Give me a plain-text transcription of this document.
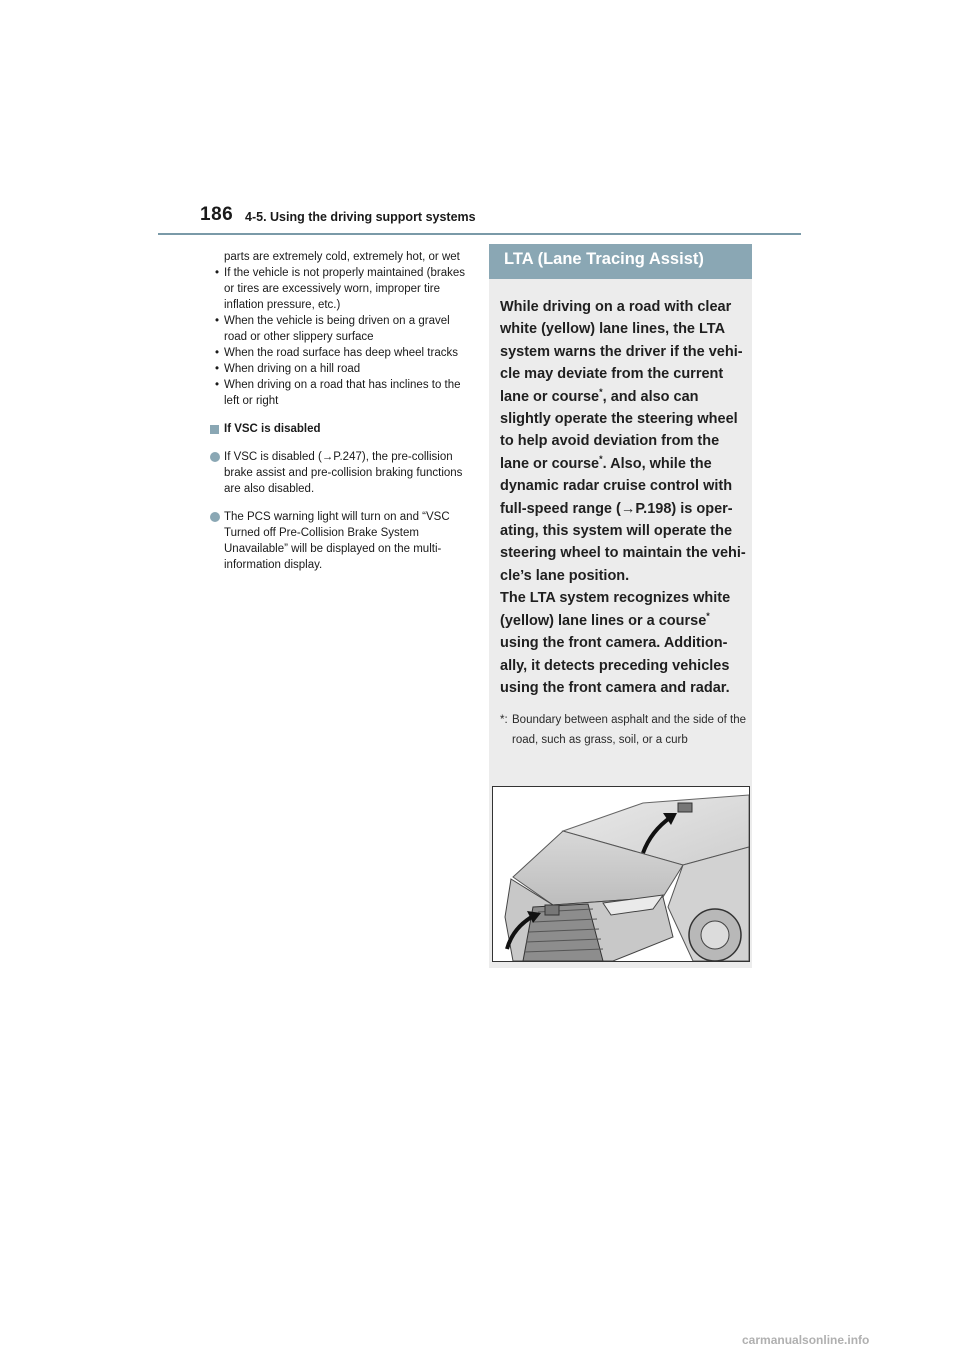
186 4-5. Using the driving support systems
parts are extremely cold, extremely hot, or wet
• If the vehicle is not properly maintained (brakes or tires are excessively worn, improper tire inflation pressure, etc.)
• When the vehicle is being driven on a gravel road or other slippery surface
• When the road surface has deep wheel tracks
• When driving on a hill road
• When driving on a road that has inclines to the left or right
If VSC is disabled
If VSC is disabled (→P.247), the pre-collision brake assist and pre-collision braking functions are also disabled.
The PCS warning light will turn on and “VSC Turned off Pre-Collision Brake System Unavailable” will be displayed on the multi-information display.
LTA (Lane Tracing Assist)
While driving on a road with clear white (yellow) lane lines, the LTA system warns the driver if the vehi-cle may deviate from the current lane or course*, and also can slightly operate the steering wheel to help avoid deviation from the lane or course*. Also, while the dynamic radar cruise control with full-speed range (→P.198) is oper-ating, this system will operate the steering wheel to maintain the vehi-cle’s lane position.
The LTA system recognizes white (yellow) lane lines or a course* using the front camera. Addition-ally, it detects preceding vehicles using the front camera and radar.
*: Boundary between asphalt and the side of the road, such as grass, soil, or a curb
carmanualsonline.info
